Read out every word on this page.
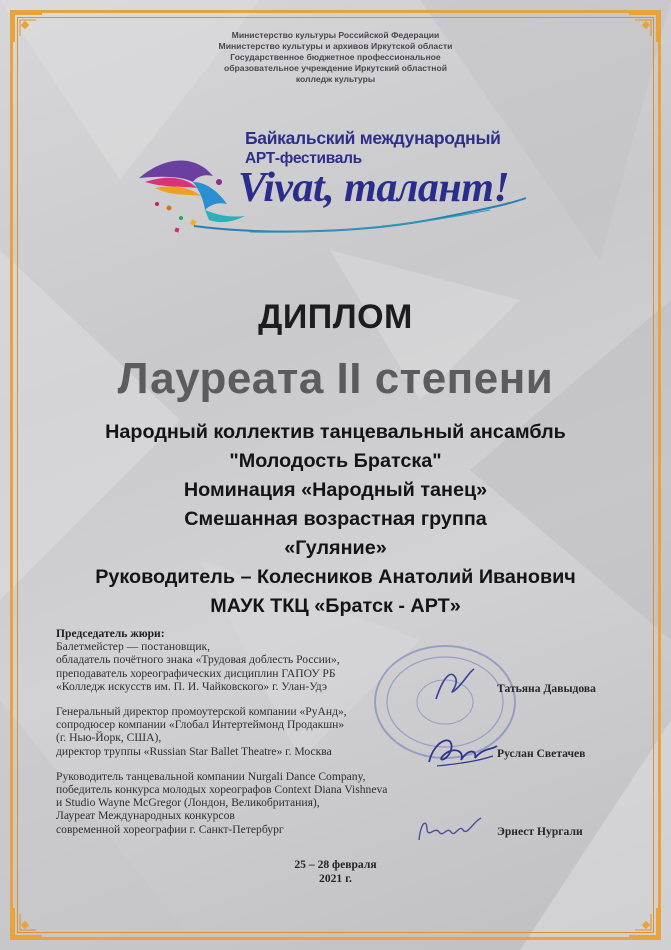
Министерство культуры Российской Федерации
Министерство культуры и архивов Иркутской области
Государственное бюджетное профессиональное
образовательное учреждение Иркутский областной
колледж культуры
Байкальский международный
АРТ-фестиваль
Vivat, талант!
ДИПЛОМ
Лауреата II степени
Народный коллектив танцевальный ансамбль
"Молодость Братска"
Номинация «Народный танец»
Смешанная возрастная группа
«Гуляние»
Руководитель – Колесников Анатолий Иванович
МАУК ТКЦ «Братск - АРТ»
Председатель жюри:
Балетмейстер — постановщик,
обладатель почётного знака «Трудовая доблесть России»,
преподаватель хореографических дисциплин ГАПОУ РБ
«Колледж искусств им. П. И. Чайковского» г. Улан-Удэ
Генеральный директор промоутерской компании «РуАнд»,
сопродюсер компании «Глобал Интертеймонд Продакшн»
(г. Нью-Йорк, США),
директор труппы «Russian Star Ballet Theatre» г. Москва
Руководитель танцевальной компании Nurgali Dance Company,
победитель конкурса молодых хореографов Context Diana Vishneva
и Studio Wayne McGregor (Лондон, Великобритания),
Лауреат Международных конкурсов
современной хореографии г. Санкт-Петербург
Татьяна Давыдова
Руслан Светачев
Эрнест Нургали
25 – 28 февраля
2021 г.
